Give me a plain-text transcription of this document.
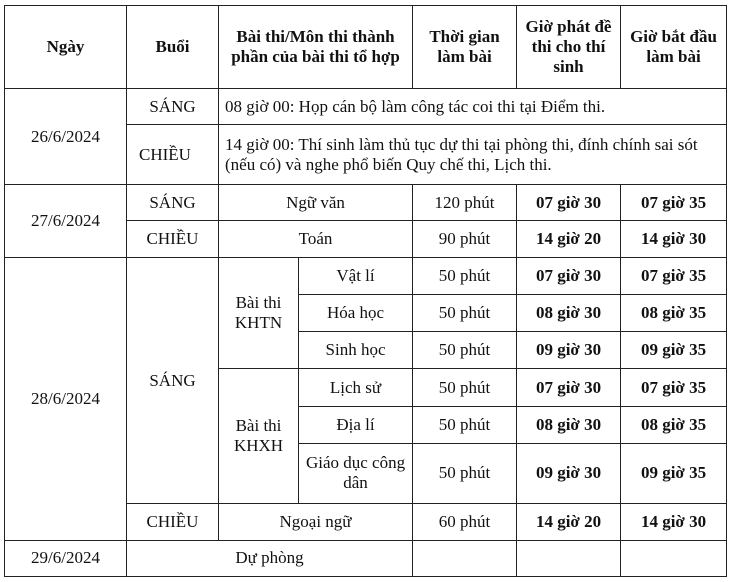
Ngày	Buổi	Bài thi/Môn thi thành phần của bài thi tổ hợp		Thời gian làm bài	Giờ phát đề thi cho thí sinh	Giờ bắt đầu làm bài
26/6/2024	SÁNG	08 giờ 00: Họp cán bộ làm công tác coi thi tại Điểm thi.				
	CHIỀU	14 giờ 00: Thí sinh làm thủ tục dự thi tại phòng thi, đính chính sai sót (nếu có) và nghe phổ biến Quy chế thi, Lịch thi.				
27/6/2024	SÁNG	Ngữ văn		120 phút	07 giờ 30	07 giờ 35
	CHIỀU	Toán		90 phút	14 giờ 20	14 giờ 30
28/6/2024	SÁNG	Bài thi KHTN	Vật lí	50 phút	07 giờ 30	07 giờ 35
			Hóa học	50 phút	08 giờ 30	08 giờ 35
			Sinh học	50 phút	09 giờ 30	09 giờ 35
		Bài thi KHXH	Lịch sử	50 phút	07 giờ 30	07 giờ 35
			Địa lí	50 phút	08 giờ 30	08 giờ 35
			Giáo dục công dân	50 phút	09 giờ 30	09 giờ 35
	CHIỀU	Ngoại ngữ		60 phút	14 giờ 20	14 giờ 30
29/6/2024	Dự phòng					
